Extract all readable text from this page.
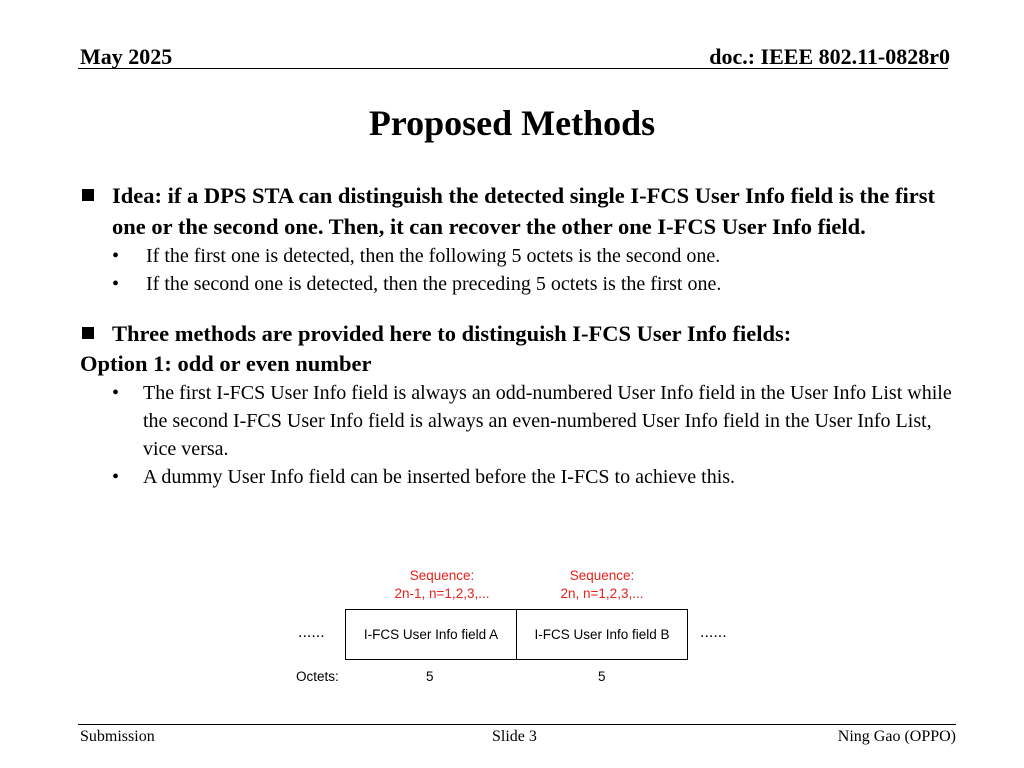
May 2025	doc.: IEEE 802.11-0828r0
Proposed Methods
Idea: if a DPS STA can distinguish the detected single I-FCS User Info field is the first one or the second one. Then, it can recover the other one I-FCS User Info field.
• If the first one is detected, then the following 5 octets is the second one.
• If the second one is detected, then the preceding 5 octets is the first one.
Three methods are provided here to distinguish I-FCS User Info fields:
Option 1: odd or even number
• The first I-FCS User Info field is always an odd-numbered User Info field in the User Info List while the second I-FCS User Info field is always an even-numbered User Info field in the User Info List, vice versa.
• A dummy User Info field can be inserted before the I-FCS to achieve this.
Sequence:
2n-1, n=1,2,3,...
Sequence:
2n, n=1,2,3,...
......	I-FCS User Info field A	I-FCS User Info field B ......
Octets:	5	5
Submission	Slide 3	Ning Gao (OPPO)
